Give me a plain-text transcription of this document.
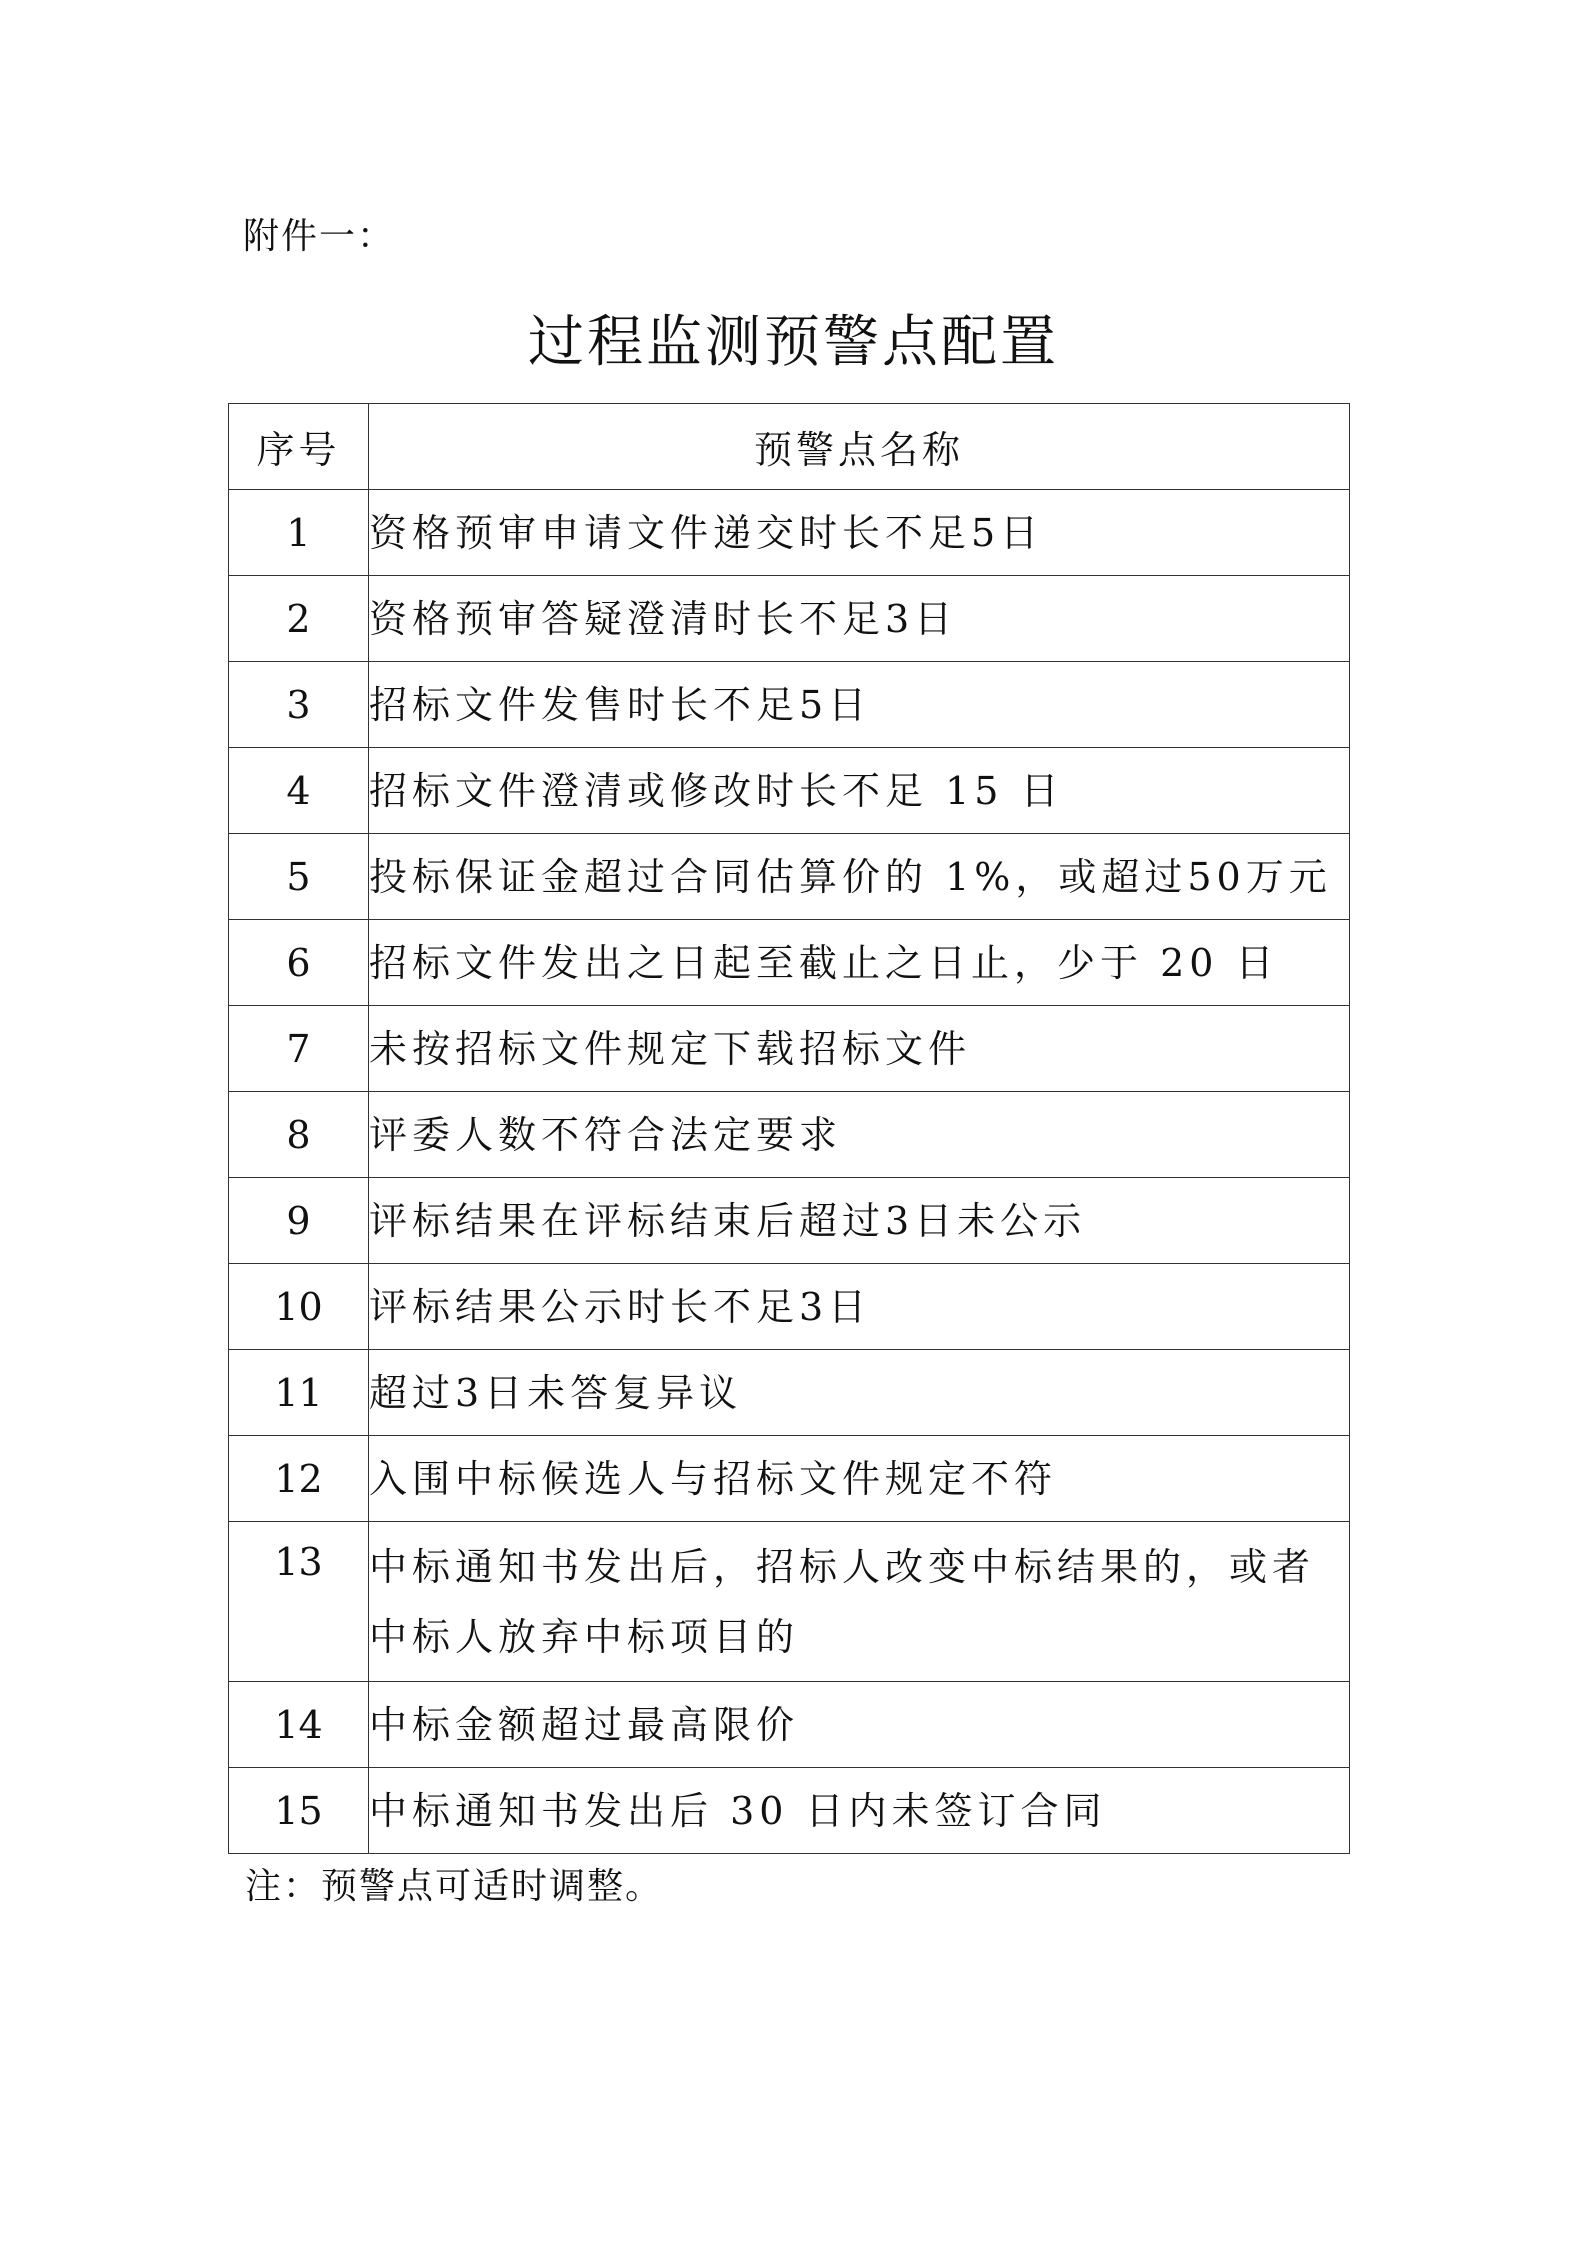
附件一：
过程监测预警点配置
序号	预警点名称
1	资格预审申请文件递交时长不足5日
2	资格预审答疑澄清时长不足3日
3	招标文件发售时长不足5日
4	招标文件澄清或修改时长不足 15 日
5	投标保证金超过合同估算价的 1%，或超过50万元
6	招标文件发出之日起至截止之日止，少于 20 日
7	未按招标文件规定下载招标文件
8	评委人数不符合法定要求
9	评标结果在评标结束后超过3日未公示
10	评标结果公示时长不足3日
11	超过3日未答复异议
12	入围中标候选人与招标文件规定不符
13	中标通知书发出后，招标人改变中标结果的，或者中标人放弃中标项目的
14	中标金额超过最高限价
15	中标通知书发出后 30 日内未签订合同
注：预警点可适时调整。
